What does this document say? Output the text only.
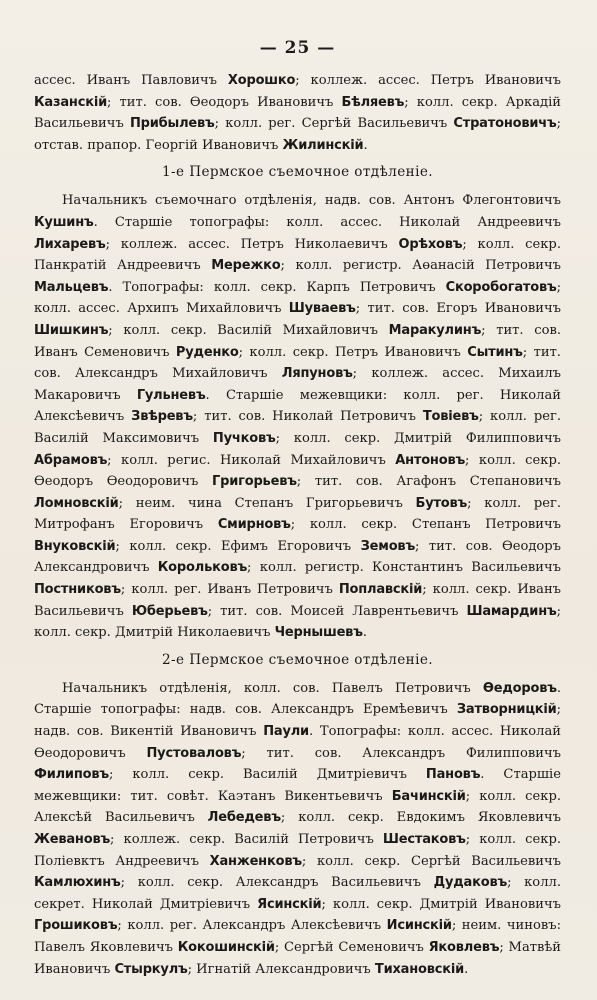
— 25 —

ассес. Иванъ Павловичъ Хорошко; коллеж. ассес. Петръ Ивановичъ Казанскій; тит. сов. Өеодоръ Ивановичъ Бѣляевъ; колл. секр. Аркадій Васильевичъ Прибылевъ; колл. рег. Сергѣй Васильевичъ Стратоновичъ; отстав. прапор. Георгій Ивановичъ Жилинскій.

1-е Пермское съемочное отдѣленіе.

Начальникъ съемочнаго отдѣленія, надв. сов. Антонъ Флегонтовичъ Кушинъ. Старшіе топографы: колл. ассес. Николай Андреевичъ Лихаревъ; коллеж. ассес. Петръ Николаевичъ Орѣховъ; колл. секр. Панкратій Андреевичъ Мережко; колл. регистр. Аөанасій Петровичъ Мальцевъ. Топографы: колл. секр. Карпъ Петровичъ Скоробогатовъ; колл. ассес. Архипъ Михайловичъ Шуваевъ; тит. сов. Егоръ Ивановичъ Шишкинъ; колл. секр. Василій Михайловичъ Маракулинъ; тит. сов. Иванъ Семеновичъ Руденко; колл. секр. Петръ Ивановичъ Сытинъ; тит. сов. Александръ Михайловичъ Ляпуновъ; коллеж. ассес. Михаилъ Макаровичъ Гульневъ. Старшіе межевщики: колл. рег. Николай Алексѣевичъ Звѣревъ; тит. сов. Николай Петровичъ Товіевъ; колл. рег. Василій Максимовичъ Пучковъ; колл. секр. Дмитрій Филипповичъ Абрамовъ; колл. регис. Николай Михайловичъ Антоновъ; колл. секр. Өеодоръ Өеодоровичъ Григорьевъ; тит. сов. Агафонъ Степановичъ Ломновскій; неим. чина Степанъ Григорьевичъ Бутовъ; колл. рег. Митрофанъ Егоровичъ Смирновъ; колл. секр. Степанъ Петровичъ Внуковскій; колл. секр. Ефимъ Егоровичъ Земовъ; тит. сов. Өеодоръ Александровичъ Корольковъ; колл. регистр. Константинъ Васильевичъ Постниковъ; колл. рег. Иванъ Петровичъ Поплавскій; колл. секр. Иванъ Васильевичъ Юберьевъ; тит. сов. Моисей Лаврентьевичъ Шамардинъ; колл. секр. Дмитрій Николаевичъ Чернышевъ.

2-е Пермское съемочное отдѣленіе.

Начальникъ отдѣленія, колл. сов. Павелъ Петровичъ Өедоровъ. Старшіе топографы: надв. сов. Александръ Еремѣевичъ Затворницкій; надв. сов. Викентій Ивановичъ Паули. Топографы: колл. ассес. Николай Өеодоровичъ Пустоваловъ; тит. сов. Александръ Филипповичъ Филиповъ; колл. секр. Василій Дмитріевичъ Пановъ. Старшіе межевщики: тит. совѣт. Каэтанъ Викентьевичъ Бачинскій; колл. секр. Алексѣй Васильевичъ Лебедевъ; колл. секр. Евдокимъ Яковлевичъ Жевановъ; коллеж. секр. Василій Петровичъ Шестаковъ; колл. секр. Поліевктъ Андреевичъ Ханженковъ; колл. секр. Сергѣй Васильевичъ Камлюхинъ; колл. секр. Александръ Васильевичъ Дудаковъ; колл. секрет. Николай Дмитріевичъ Ясинскій; колл. секр. Дмитрій Ивановичъ Грошиковъ; колл. рег. Александръ Алексѣевичъ Исинскій; неим. чиновъ: Павелъ Яковлевичъ Кокошинскій; Сергѣй Семеновичъ Яковлевъ; Матвѣй Ивановичъ Стыркулъ; Игнатій Александровичъ Тихановскій.
